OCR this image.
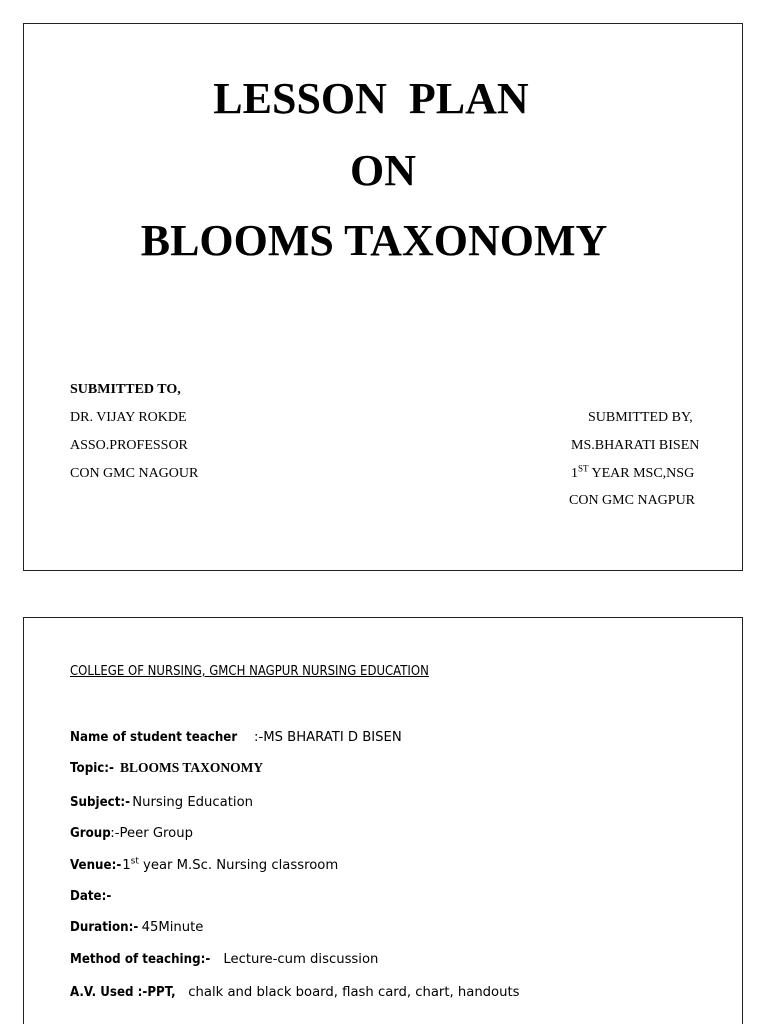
LESSON  PLAN
ON
BLOOMS TAXONOMY
SUBMITTED TO,
DR. VIJAY ROKDE
ASSO.PROFESSOR
CON GMC NAGOUR
SUBMITTED BY,
MS.BHARATI BISEN
1ST YEAR MSC,NSG
CON GMC NAGPUR
COLLEGE OF NURSING, GMCH NAGPUR NURSING EDUCATION
Name of student teacher :-MS BHARATI D BISEN
Topic:- BLOOMS TAXONOMY
Subject:- Nursing Education
Group:-Peer Group
Venue:-1st year M.Sc. Nursing classroom
Date:-
Duration:- 45Minute
Method of teaching:- Lecture-cum discussion
A.V. Used :-PPT, chalk and black board, flash card, chart, handouts
